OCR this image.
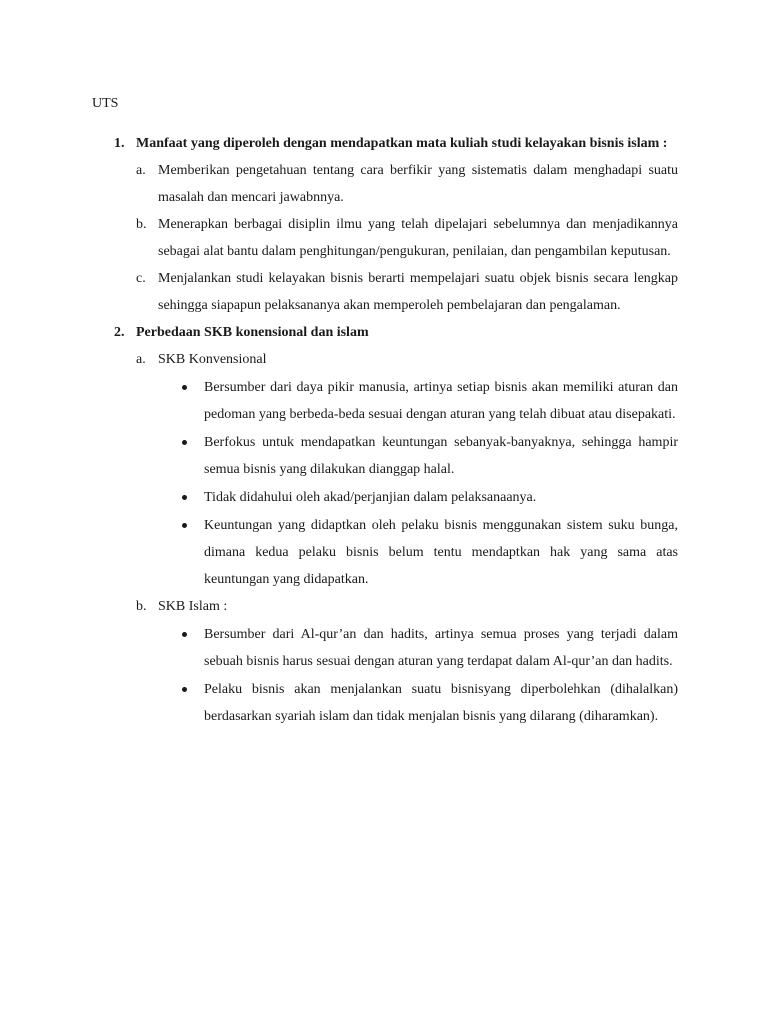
UTS
1. Manfaat yang diperoleh dengan mendapatkan mata kuliah studi kelayakan bisnis islam :
a. Memberikan pengetahuan tentang cara berfikir yang sistematis dalam menghadapi suatu masalah dan mencari jawabnnya.
b. Menerapkan berbagai disiplin ilmu yang telah dipelajari sebelumnya dan menjadikannya sebagai alat bantu dalam penghitungan/pengukuran, penilaian, dan pengambilan keputusan.
c. Menjalankan studi kelayakan bisnis berarti mempelajari suatu objek bisnis secara lengkap sehingga siapapun pelaksananya akan memperoleh pembelajaran dan pengalaman.
2. Perbedaan SKB konensional dan islam
a. SKB Konvensional
Bersumber dari daya pikir manusia, artinya setiap bisnis akan memiliki aturan dan pedoman yang berbeda-beda sesuai dengan aturan yang telah dibuat atau disepakati.
Berfokus untuk mendapatkan keuntungan sebanyak-banyaknya, sehingga hampir semua bisnis yang dilakukan dianggap halal.
Tidak didahului oleh akad/perjanjian dalam pelaksanaanya.
Keuntungan yang didaptkan oleh pelaku bisnis menggunakan sistem suku bunga, dimana kedua pelaku bisnis belum tentu mendaptkan hak yang sama atas keuntungan yang didapatkan.
b. SKB Islam :
Bersumber dari Al-qur’an dan hadits, artinya semua proses yang terjadi dalam sebuah bisnis harus sesuai dengan aturan yang terdapat dalam Al-qur’an dan hadits.
Pelaku bisnis akan menjalankan suatu bisnisyang diperbolehkan (dihalalkan) berdasarkan syariah islam dan tidak menjalan bisnis yang dilarang (diharamkan).
